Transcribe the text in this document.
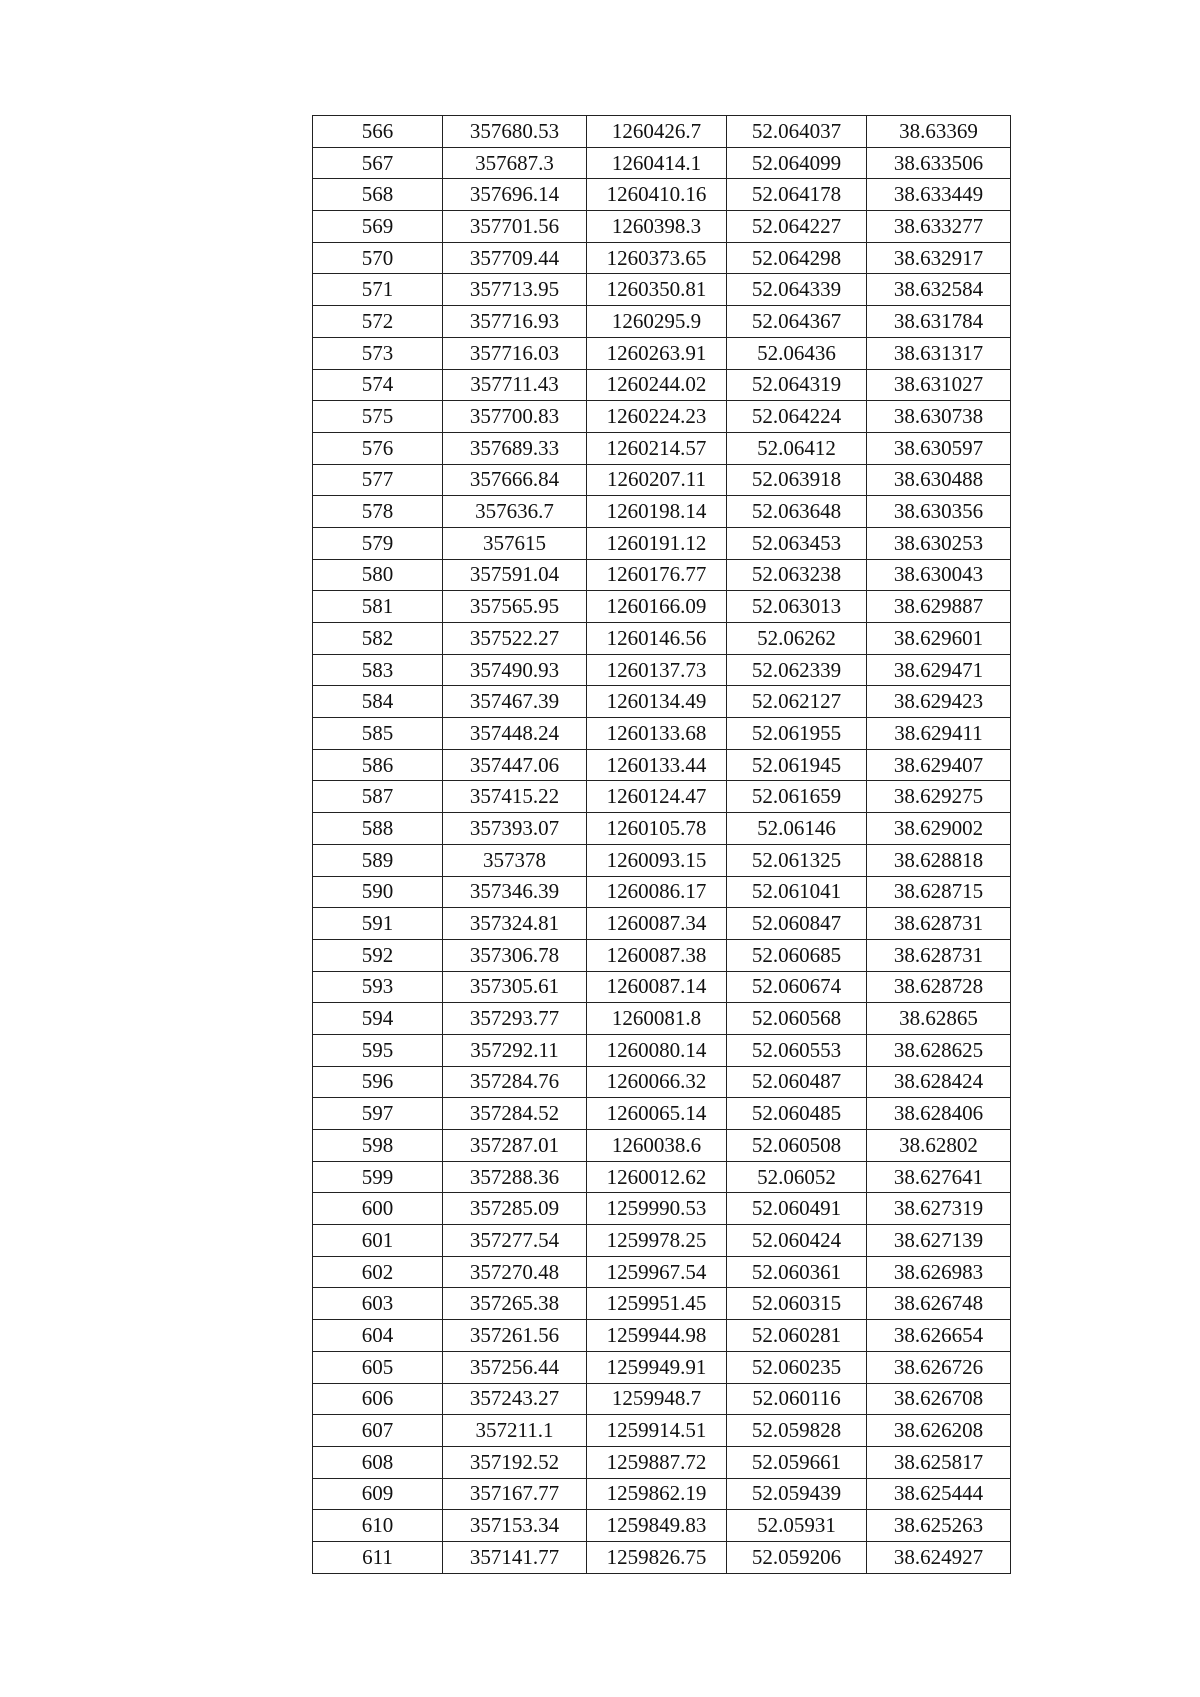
566	357680.53	1260426.7	52.064037	38.63369
567	357687.3	1260414.1	52.064099	38.633506
568	357696.14	1260410.16	52.064178	38.633449
569	357701.56	1260398.3	52.064227	38.633277
570	357709.44	1260373.65	52.064298	38.632917
571	357713.95	1260350.81	52.064339	38.632584
572	357716.93	1260295.9	52.064367	38.631784
573	357716.03	1260263.91	52.06436	38.631317
574	357711.43	1260244.02	52.064319	38.631027
575	357700.83	1260224.23	52.064224	38.630738
576	357689.33	1260214.57	52.06412	38.630597
577	357666.84	1260207.11	52.063918	38.630488
578	357636.7	1260198.14	52.063648	38.630356
579	357615	1260191.12	52.063453	38.630253
580	357591.04	1260176.77	52.063238	38.630043
581	357565.95	1260166.09	52.063013	38.629887
582	357522.27	1260146.56	52.06262	38.629601
583	357490.93	1260137.73	52.062339	38.629471
584	357467.39	1260134.49	52.062127	38.629423
585	357448.24	1260133.68	52.061955	38.629411
586	357447.06	1260133.44	52.061945	38.629407
587	357415.22	1260124.47	52.061659	38.629275
588	357393.07	1260105.78	52.06146	38.629002
589	357378	1260093.15	52.061325	38.628818
590	357346.39	1260086.17	52.061041	38.628715
591	357324.81	1260087.34	52.060847	38.628731
592	357306.78	1260087.38	52.060685	38.628731
593	357305.61	1260087.14	52.060674	38.628728
594	357293.77	1260081.8	52.060568	38.62865
595	357292.11	1260080.14	52.060553	38.628625
596	357284.76	1260066.32	52.060487	38.628424
597	357284.52	1260065.14	52.060485	38.628406
598	357287.01	1260038.6	52.060508	38.62802
599	357288.36	1260012.62	52.06052	38.627641
600	357285.09	1259990.53	52.060491	38.627319
601	357277.54	1259978.25	52.060424	38.627139
602	357270.48	1259967.54	52.060361	38.626983
603	357265.38	1259951.45	52.060315	38.626748
604	357261.56	1259944.98	52.060281	38.626654
605	357256.44	1259949.91	52.060235	38.626726
606	357243.27	1259948.7	52.060116	38.626708
607	357211.1	1259914.51	52.059828	38.626208
608	357192.52	1259887.72	52.059661	38.625817
609	357167.77	1259862.19	52.059439	38.625444
610	357153.34	1259849.83	52.05931	38.625263
611	357141.77	1259826.75	52.059206	38.624927
